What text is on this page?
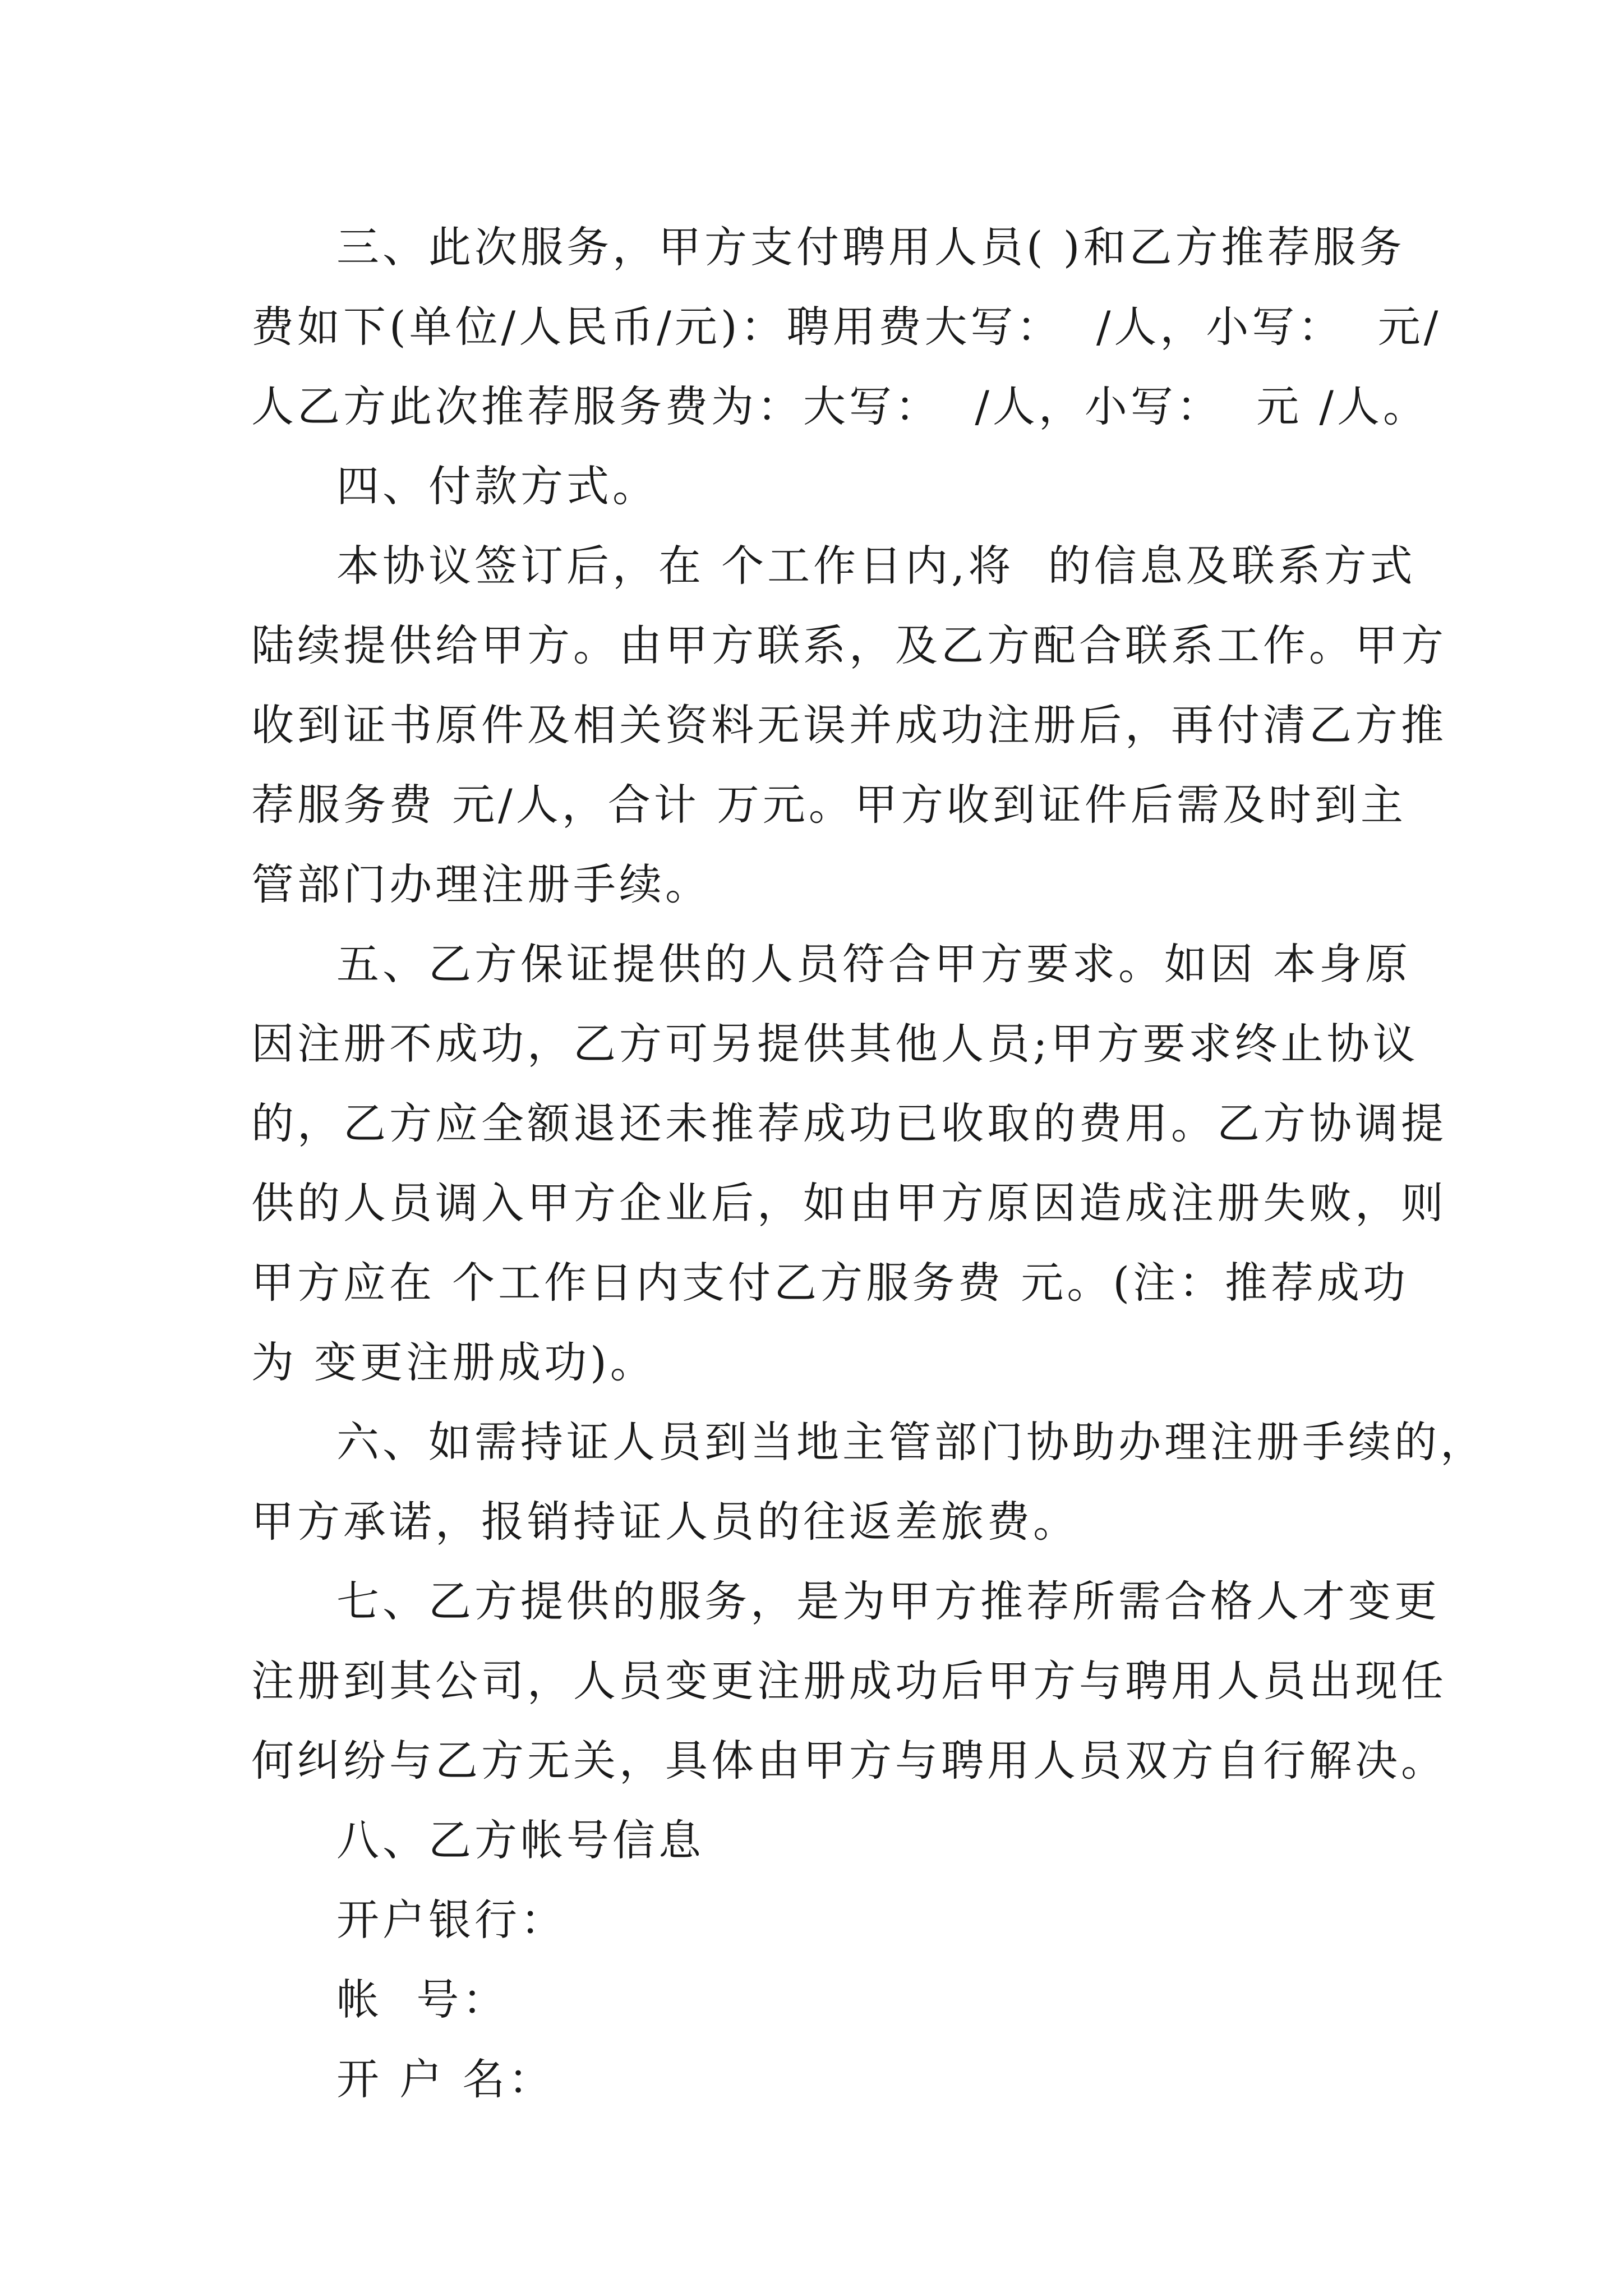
三、此次服务，甲方支付聘用人员( )和乙方推荐服务

费如下(单位/人民币/元)：聘用费大写：  /人，小写：  元/

人乙方此次推荐服务费为：大写：  /人，小写：  元 /人。

四、付款方式。

本协议签订后，在 个工作日内,将  的信息及联系方式

陆续提供给甲方。由甲方联系，及乙方配合联系工作。甲方

收到证书原件及相关资料无误并成功注册后，再付清乙方推

荐服务费 元/人，合计 万元。甲方收到证件后需及时到主

管部门办理注册手续。

五、乙方保证提供的人员符合甲方要求。如因 本身原

因注册不成功，乙方可另提供其他人员;甲方要求终止协议

的，乙方应全额退还未推荐成功已收取的费用。乙方协调提

供的人员调入甲方企业后，如由甲方原因造成注册失败，则

甲方应在 个工作日内支付乙方服务费 元。(注：推荐成功

为 变更注册成功)。

六、如需持证人员到当地主管部门协助办理注册手续的，

甲方承诺，报销持证人员的往返差旅费。

七、乙方提供的服务，是为甲方推荐所需合格人才变更

注册到其公司，人员变更注册成功后甲方与聘用人员出现任

何纠纷与乙方无关，具体由甲方与聘用人员双方自行解决。

八、乙方帐号信息

开户银行：

帐  号：

开 户 名：
